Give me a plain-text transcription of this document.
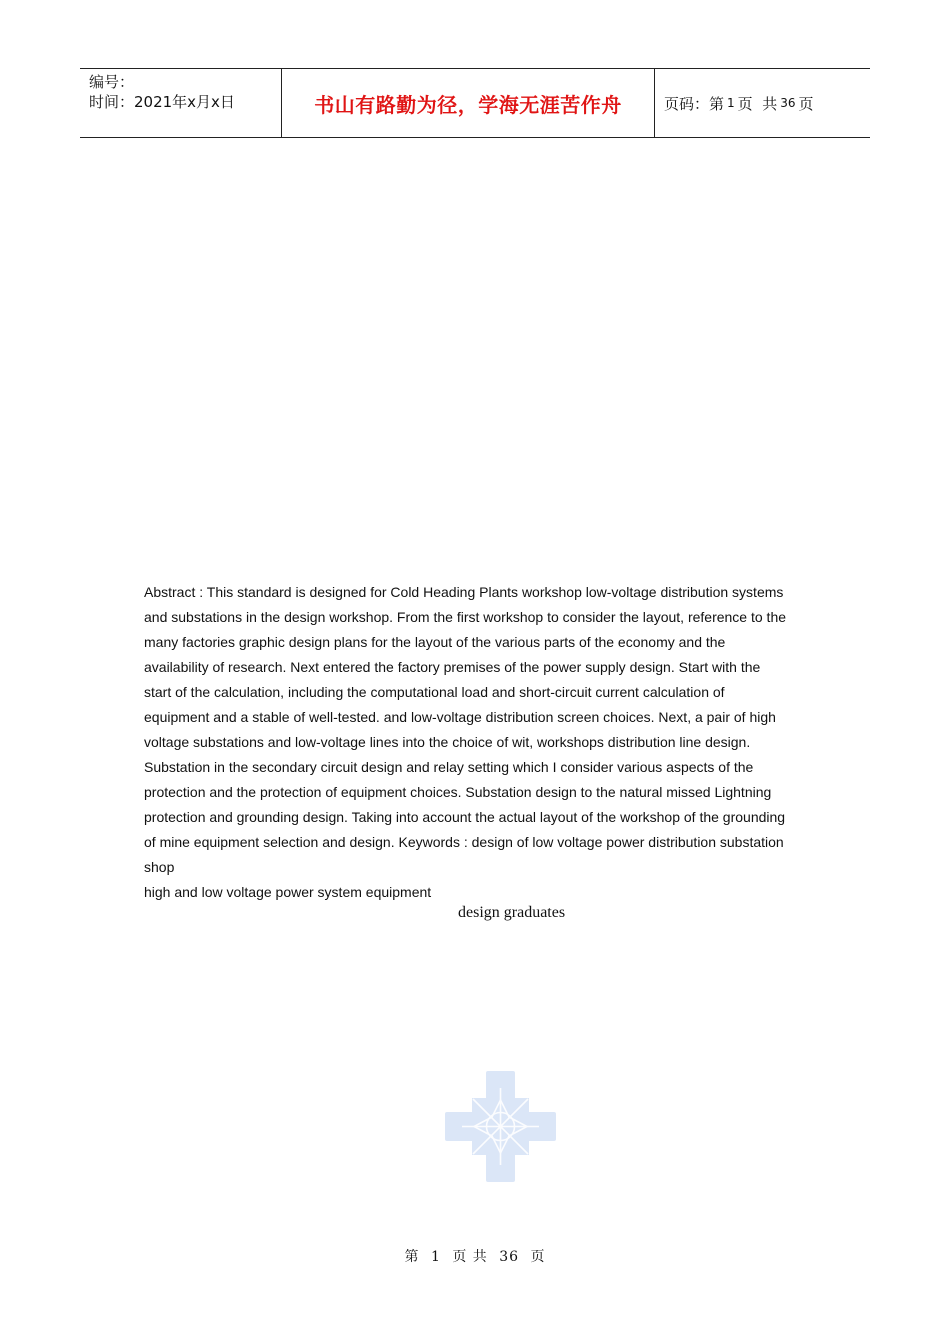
编号：
时间：2021年x月x日	书山有路勤为径，学海无涯苦作舟	页码：第 1 页  共 36 页

Abstract : This standard is designed for Cold Heading Plants workshop low-voltage distribution systems

and substations in the design workshop. From the first workshop to consider the layout, reference to the

many factories graphic design plans for the layout of the various parts of the economy and the

availability of research. Next entered the factory premises of the power supply design. Start with the

start of the calculation, including the computational load and short-circuit current calculation of

equipment and a stable of well-tested. and low-voltage distribution screen choices. Next, a pair of high

voltage substations and low-voltage lines into the choice of wit, workshops distribution line design.

Substation in the secondary circuit design and relay setting which I consider various aspects of the

protection and the protection of equipment choices. Substation design to the natural missed Lightning

protection and grounding design. Taking into account the actual layout of the workshop of the grounding

of mine equipment selection and design. Keywords : design of low voltage power distribution substation

shop

high and low voltage power system equipment

design graduates
第 1 页 共 36 页
